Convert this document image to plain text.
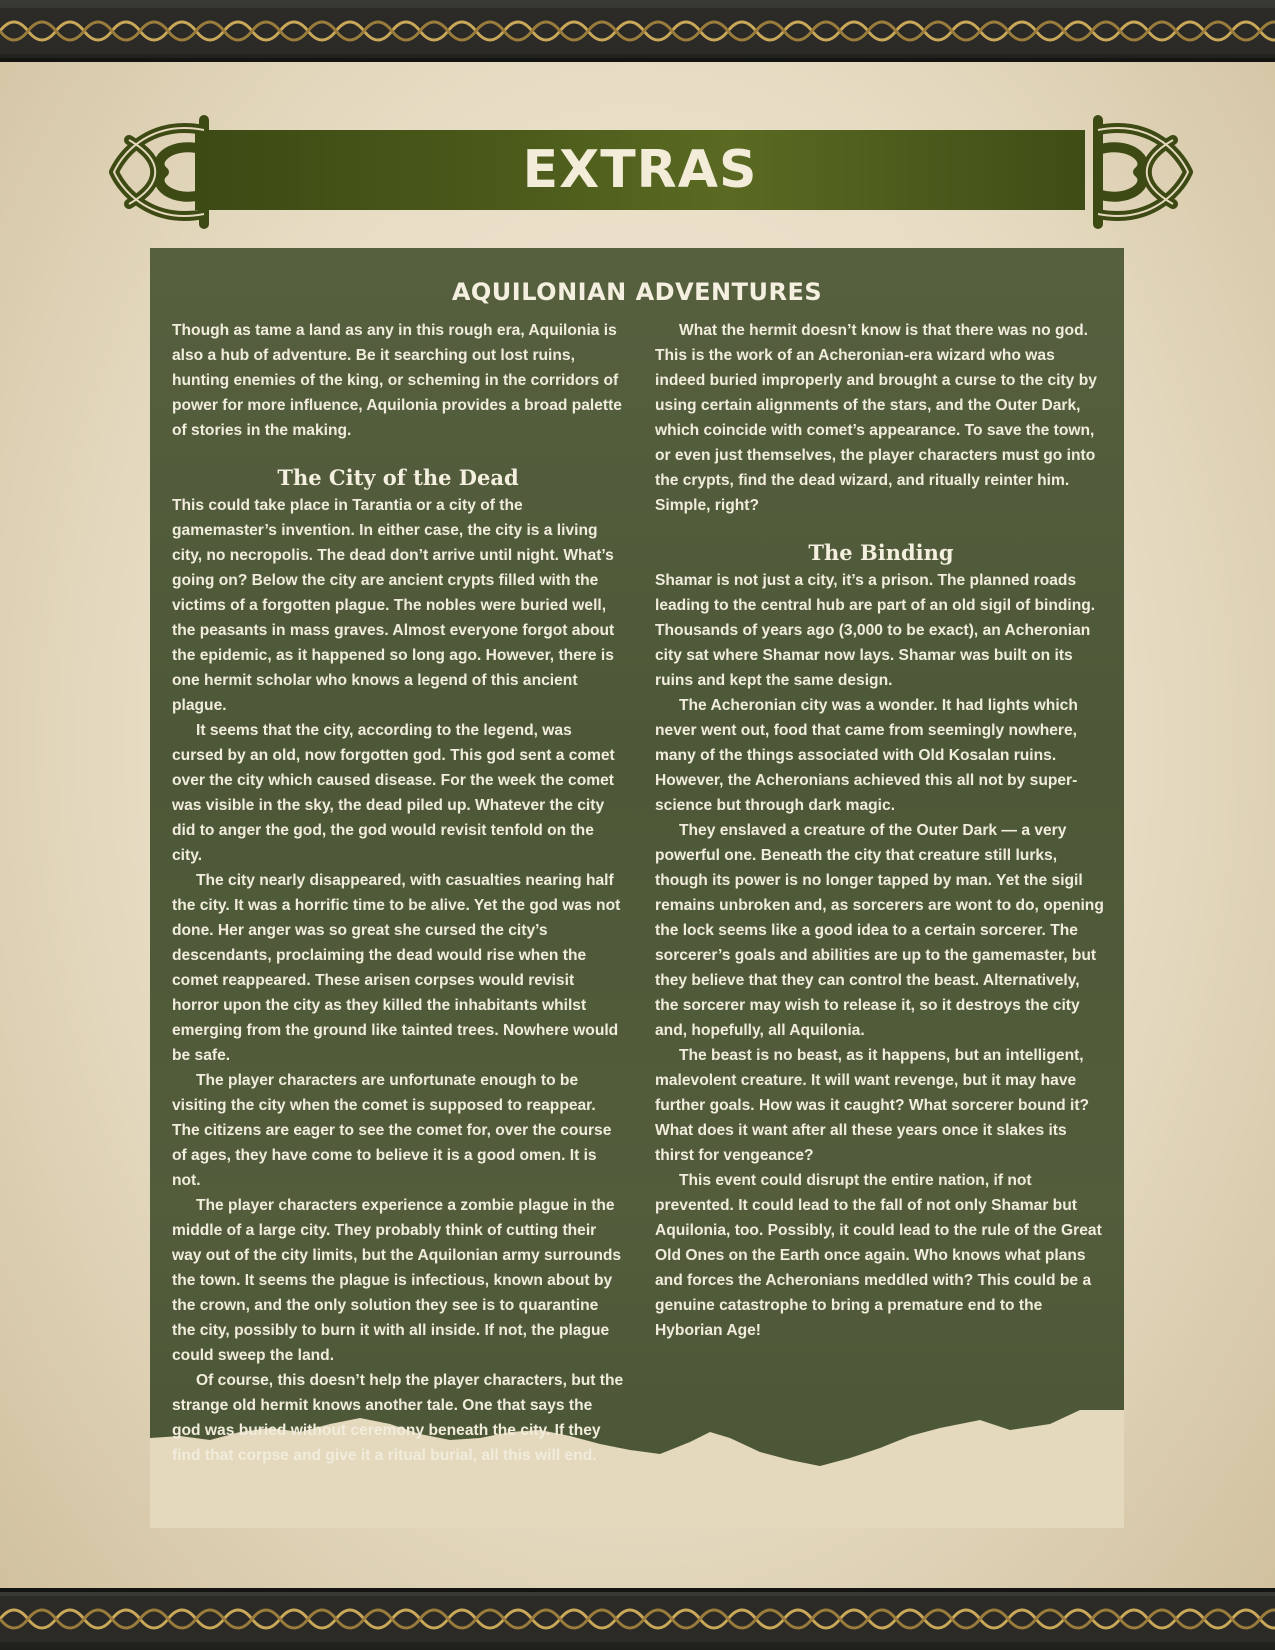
EXTRAS
AQUILONIAN ADVENTURES

Though as tame a land as any in this rough era, Aquilonia is also a hub of adventure. Be it searching out lost ruins, hunting enemies of the king, or scheming in the corridors of power for more influence, Aquilonia provides a broad palette of stories in the making.

The City of the Dead

This could take place in Tarantia or a city of the gamemaster’s invention. In either case, the city is a living city, no necropolis. The dead don’t arrive until night. What’s going on? Below the city are ancient crypts filled with the victims of a forgotten plague. The nobles were buried well, the peasants in mass graves. Almost everyone forgot about the epidemic, as it happened so long ago. However, there is one hermit scholar who knows a legend of this ancient plague.

It seems that the city, according to the legend, was cursed by an old, now forgotten god. This god sent a comet over the city which caused disease. For the week the comet was visible in the sky, the dead piled up. Whatever the city did to anger the god, the god would revisit tenfold on the city.

The city nearly disappeared, with casualties nearing half the city. It was a horrific time to be alive. Yet the god was not done. Her anger was so great she cursed the city’s descendants, proclaiming the dead would rise when the comet reappeared. These arisen corpses would revisit horror upon the city as they killed the inhabitants whilst emerging from the ground like tainted trees. Nowhere would be safe.

The player characters are unfortunate enough to be visiting the city when the comet is supposed to reappear. The citizens are eager to see the comet for, over the course of ages, they have come to believe it is a good omen. It is not.

The player characters experience a zombie plague in the middle of a large city. They probably think of cutting their way out of the city limits, but the Aquilonian army surrounds the town. It seems the plague is infectious, known about by the crown, and the only solution they see is to quarantine the city, possibly to burn it with all inside. If not, the plague could sweep the land.

Of course, this doesn’t help the player characters, but the strange old hermit knows another tale. One that says the god was buried without ceremony beneath the city. If they find that corpse and give it a ritual burial, all this will end.

What the hermit doesn’t know is that there was no god. This is the work of an Acheronian-era wizard who was indeed buried improperly and brought a curse to the city by using certain alignments of the stars, and the Outer Dark, which coincide with comet’s appearance. To save the town, or even just themselves, the player characters must go into the crypts, find the dead wizard, and ritually reinter him. Simple, right?

The Binding

Shamar is not just a city, it’s a prison. The planned roads leading to the central hub are part of an old sigil of binding. Thousands of years ago (3,000 to be exact), an Acheronian city sat where Shamar now lays. Shamar was built on its ruins and kept the same design.

The Acheronian city was a wonder. It had lights which never went out, food that came from seemingly nowhere, many of the things associated with Old Kosalan ruins. However, the Acheronians achieved this all not by super-science but through dark magic.

They enslaved a creature of the Outer Dark — a very powerful one. Beneath the city that creature still lurks, though its power is no longer tapped by man. Yet the sigil remains unbroken and, as sorcerers are wont to do, opening the lock seems like a good idea to a certain sorcerer. The sorcerer’s goals and abilities are up to the gamemaster, but they believe that they can control the beast. Alternatively, the sorcerer may wish to release it, so it destroys the city and, hopefully, all Aquilonia.

The beast is no beast, as it happens, but an intelligent, malevolent creature. It will want revenge, but it may have further goals. How was it caught? What sorcerer bound it? What does it want after all these years once it slakes its thirst for vengeance?

This event could disrupt the entire nation, if not prevented. It could lead to the fall of not only Shamar but Aquilonia, too. Possibly, it could lead to the rule of the Great Old Ones on the Earth once again. Who knows what plans and forces the Acheronians meddled with? This could be a genuine catastrophe to bring a premature end to the Hyborian Age!
